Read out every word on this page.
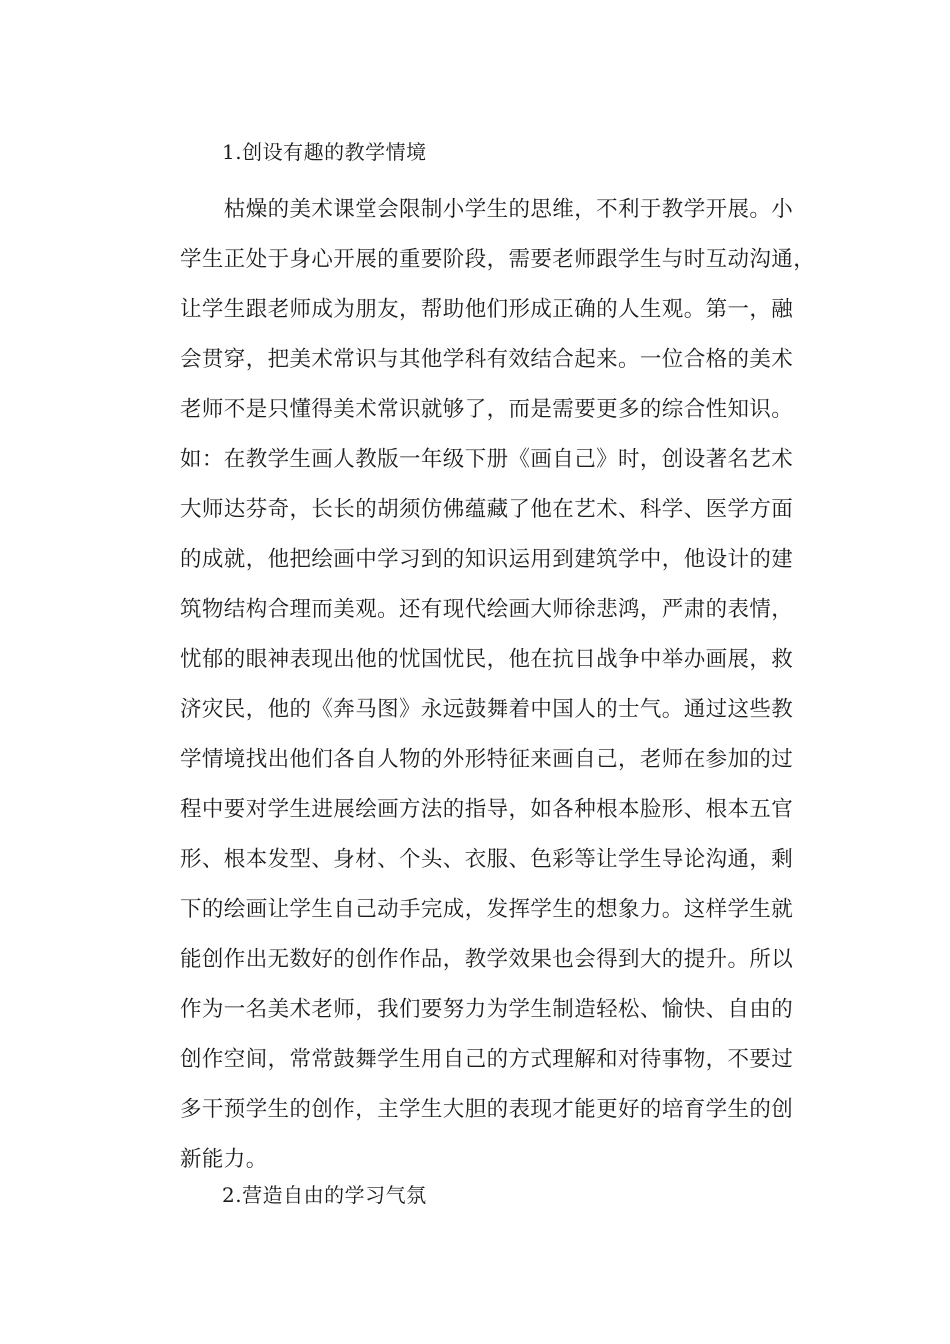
1.创设有趣的教学情境
　　枯燥的美术课堂会限制小学生的思维，不利于教学开展。小
学生正处于身心开展的重要阶段，需要老师跟学生与时互动沟通，
让学生跟老师成为朋友，帮助他们形成正确的人生观。第一，融
会贯穿，把美术常识与其他学科有效结合起来。一位合格的美术
老师不是只懂得美术常识就够了，而是需要更多的综合性知识。
如：在教学生画人教版一年级下册《画自己》时，创设著名艺术
大师达芬奇，长长的胡须仿佛蕴藏了他在艺术、科学、医学方面
的成就，他把绘画中学习到的知识运用到建筑学中，他设计的建
筑物结构合理而美观。还有现代绘画大师徐悲鸿，严肃的表情，
忧郁的眼神表现出他的忧国忧民，他在抗日战争中举办画展，救
济灾民，他的《奔马图》永远鼓舞着中国人的士气。通过这些教
学情境找出他们各自人物的外形特征来画自己，老师在参加的过
程中要对学生进展绘画方法的指导，如各种根本脸形、根本五官
形、根本发型、身材、个头、衣服、色彩等让学生导论沟通，剩
下的绘画让学生自己动手完成，发挥学生的想象力。这样学生就
能创作出无数好的创作作品，教学效果也会得到大的提升。所以
作为一名美术老师，我们要努力为学生制造轻松、愉快、自由的
创作空间，常常鼓舞学生用自己的方式理解和对待事物，不要过
多干预学生的创作，主学生大胆的表现才能更好的培育学生的创
新能力。
2.营造自由的学习气氛
